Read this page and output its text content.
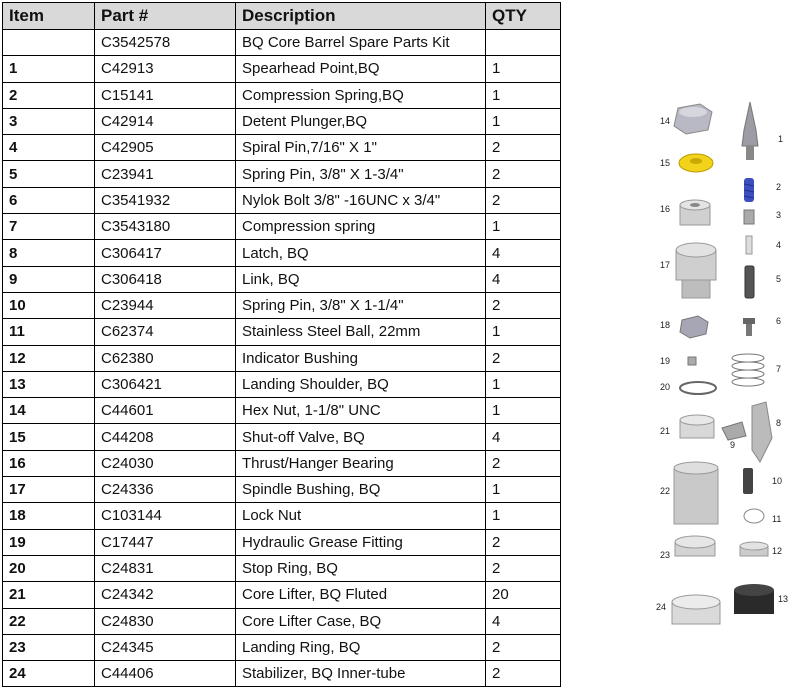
Item	Part #	Description	QTY
	C3542578	BQ Core Barrel Spare Parts Kit	
1	C42913	Spearhead Point,BQ	1
2	C15141	Compression Spring,BQ	1
3	C42914	Detent Plunger,BQ	1
4	C42905	Spiral Pin,7/16" X 1"	2
5	C23941	Spring Pin, 3/8" X 1-3/4"	2
6	C3541932	Nylok Bolt 3/8" -16UNC x 3/4"	2
7	C3543180	Compression spring	1
8	C306417	Latch, BQ	4
9	C306418	Link, BQ	4
10	C23944	Spring Pin, 3/8" X 1-1/4"	2
11	C62374	Stainless Steel Ball, 22mm	1
12	C62380	Indicator Bushing	2
13	C306421	Landing Shoulder, BQ	1
14	C44601	Hex Nut, 1-1/8" UNC	1
15	C44208	Shut-off Valve, BQ	4
16	C24030	Thrust/Hanger Bearing	2
17	C24336	Spindle Bushing, BQ	1
18	C103144	Lock Nut	1
19	C17447	Hydraulic Grease Fitting	2
20	C24831	Stop Ring, BQ	2
21	C24342	Core Lifter, BQ Fluted	20
22	C24830	Core Lifter Case, BQ	4
23	C24345	Landing Ring, BQ	2
24	C44406	Stabilizer, BQ Inner-tube	2
1
2
3
4
5
6
7
8
9
10
11
12
13
14
15
16
17
18
19
20
21
22
23
24
